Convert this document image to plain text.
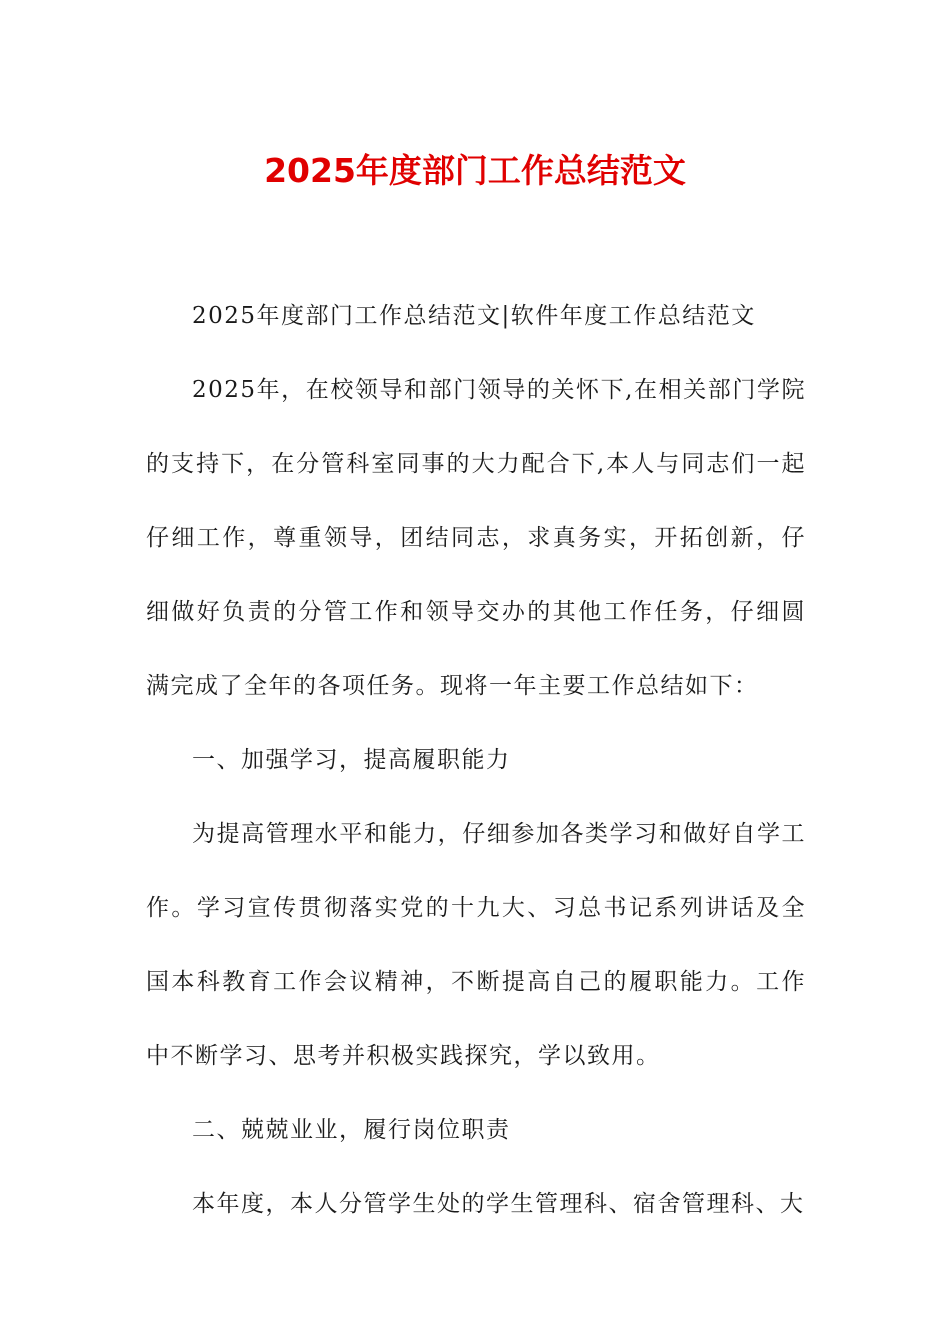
2025年度部门工作总结范文

2025年度部门工作总结范文|软件年度工作总结范文

2025年，在校领导和部门领导的关怀下,在相关部门学院的支持下，在分管科室同事的大力配合下,本人与同志们一起仔细工作，尊重领导，团结同志，求真务实，开拓创新，仔细做好负责的分管工作和领导交办的其他工作任务，仔细圆满完成了全年的各项任务。现将一年主要工作总结如下：

一、加强学习，提高履职能力

为提高管理水平和能力，仔细参加各类学习和做好自学工作。学习宣传贯彻落实党的十九大、习总书记系列讲话及全国本科教育工作会议精神，不断提高自己的履职能力。工作中不断学习、思考并积极实践探究，学以致用。

二、兢兢业业，履行岗位职责

本年度，本人分管学生处的学生管理科、宿舍管理科、大
